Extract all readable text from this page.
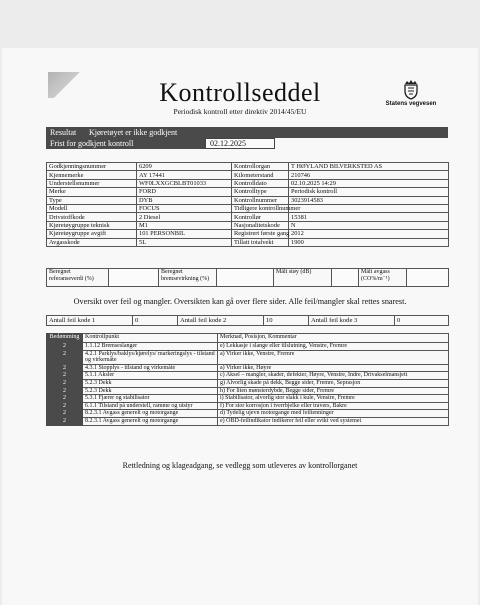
Kontrollseddel
Periodisk kontroll etter direktiv 2014/45/EU
Statens vegvesen
Resultat	Kjøretøyet er ikke godkjent
Frist for godkjent kontroll	02.12.2025
Godkjenningsnummer	6209	Kontrollorgan	T HØYLAND BILVERKSTED AS
Kjennemerke	AY 17441	Kilometerstand	210746
Understellsnummer	WF0LXXGCBLBT01033	Kontrolldato	02.10.2025 14:29
Merke	FORD	Kontrolltype	Periodisk kontroll
Type	DYB	Kontrollnummer	3023914583
Modell	FOCUS	Tidligere kontrollnummer	
Drivstoffkode	2 Diesel	Kontrollør	15381
Kjøretøygruppe teknisk	M1	Nasjonalitetskode	N
Kjøretøygruppe avgift	101 PERSONBIL	Registrert første gang	2012
Avgasskode	5L	Tillatt totalvekt	1900
Beregnet referanseverdi (%)		Beregnet bremsevirkning (%)		Målt støy (dB)		Målt avgass (CO%/m⁻¹)	
Oversikt over feil og mangler. Oversikten kan gå over flere sider. Alle feil/mangler skal rettes snarest.
Antall feil kode 1	0	Antall feil kode 2	10	Antall feil kode 3	0
Bedømming	Kontrollpunkt	Merknad, Posisjon, Kommentar
2	1.1.12 Bremseslanger	e) Lekkasje i slange eller tilslutning, Venstre, Fremre
2	4.2.1 Parklys/baklys/kjørelys/ markeringslys - tilstand og virkemåte	a) Virker ikke, Venstre, Fremre
2	4.3.1 Stopplys - tilstand og virkemåte	a) Virker ikke, Høyre
2	5.1.1 Aksler	c) Aksel – mangler, skader, defekter, Høyre, Venstre, Indre, Drivakselmansjett
2	5.2.3 Dekk	g) Alvorlig skade på dekk, Begge sider, Fremre, Seprasjon
2	5.2.3 Dekk	h) For liten mønsterdybde, Begge sider, Fremre
2	5.3.1 Fjærer og stabilisator	i) Stabilisator, alvorlig stor slakk i kule, Venstre, Fremre
2	6.1.1 Tilstand på understell, ramme og utstyr	f) For stor korrosjon i tverrbjelke eller travers, Bakre
2	8.2.3.1 Avgass generelt og motorgange	d) Tydelig ujevn motorgange med feiltenninger
2	8.2.3.1 Avgass generelt og motorgange	e) OBD-feilindikator indikerer feil eller svikt ved systemet
Rettledning og klageadgang, se vedlegg som utleveres av kontrollorganet
